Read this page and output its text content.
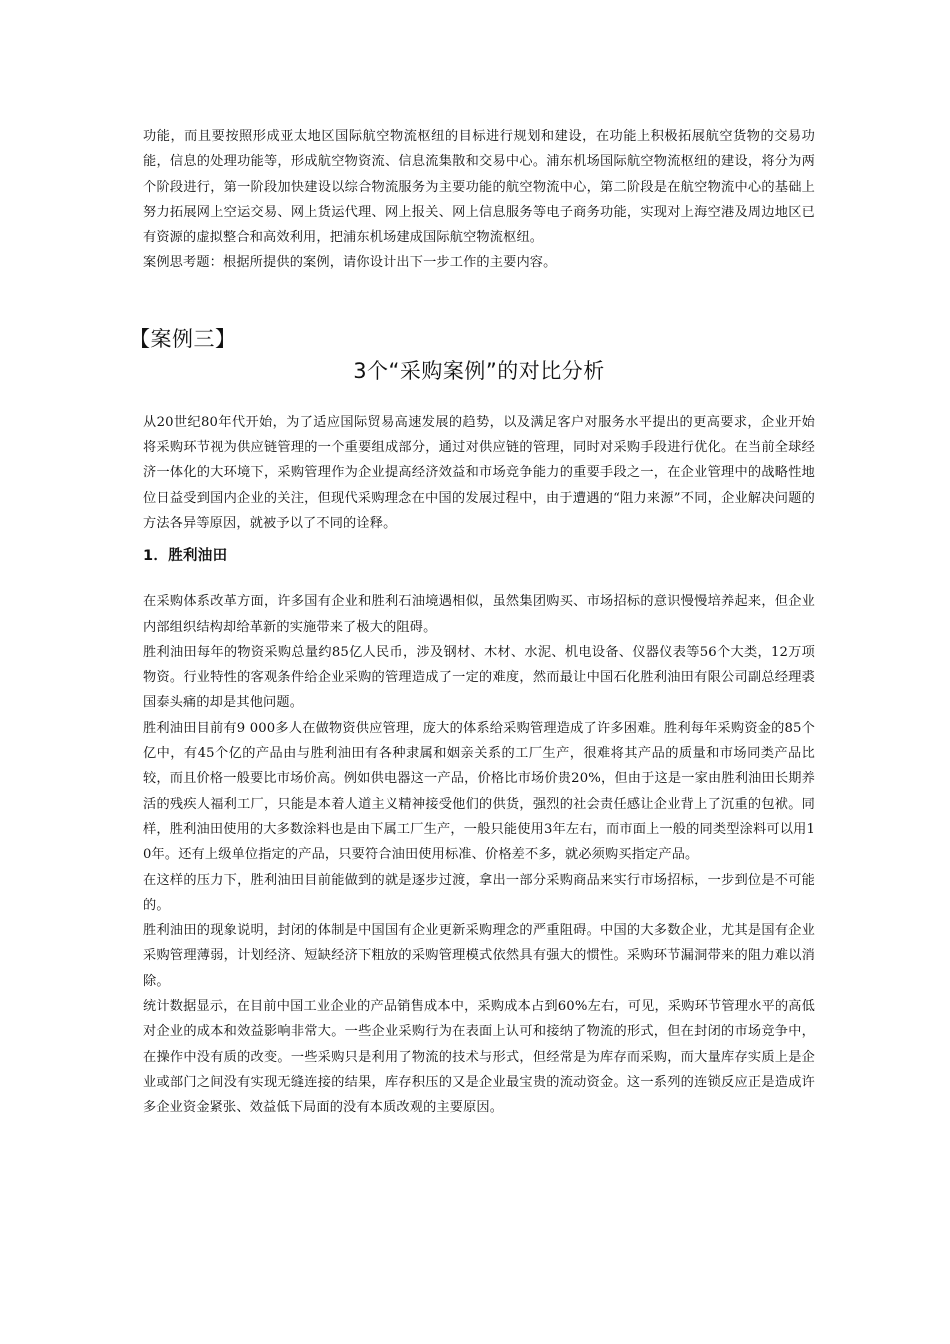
功能，而且要按照形成亚太地区国际航空物流枢纽的目标进行规划和建设，在功能上积极拓展航空货物的交易功能，信息的处理功能等，形成航空物资流、信息流集散和交易中心。浦东机场国际航空物流枢纽的建设，将分为两个阶段进行，第一阶段加快建设以综合物流服务为主要功能的航空物流中心，第二阶段是在航空物流中心的基础上努力拓展网上空运交易、网上货运代理、网上报关、网上信息服务等电子商务功能，实现对上海空港及周边地区已有资源的虚拟整合和高效利用，把浦东机场建成国际航空物流枢纽。

案例思考题：根据所提供的案例，请你设计出下一步工作的主要内容。

【案例三】

3个“采购案例”的对比分析

从20世纪80年代开始，为了适应国际贸易高速发展的趋势，以及满足客户对服务水平提出的更高要求，企业开始将采购环节视为供应链管理的一个重要组成部分，通过对供应链的管理，同时对采购手段进行优化。在当前全球经济一体化的大环境下，采购管理作为企业提高经济效益和市场竞争能力的重要手段之一，在企业管理中的战略性地位日益受到国内企业的关注，但现代采购理念在中国的发展过程中，由于遭遇的“阻力来源”不同，企业解决问题的方法各异等原因，就被予以了不同的诠释。

1．胜利油田

在采购体系改革方面，许多国有企业和胜利石油境遇相似，虽然集团购买、市场招标的意识慢慢培养起来，但企业内部组织结构却给革新的实施带来了极大的阻碍。

胜利油田每年的物资采购总量约85亿人民币，涉及钢材、木材、水泥、机电设备、仪器仪表等56个大类，12万项物资。行业特性的客观条件给企业采购的管理造成了一定的难度，然而最让中国石化胜利油田有限公司副总经理裘国泰头痛的却是其他问题。

胜利油田目前有9 000多人在做物资供应管理，庞大的体系给采购管理造成了许多困难。胜利每年采购资金的85个亿中，有45个亿的产品由与胜利油田有各种隶属和姻亲关系的工厂生产，很难将其产品的质量和市场同类产品比较，而且价格一般要比市场价高。例如供电器这一产品，价格比市场价贵20%，但由于这是一家由胜利油田长期养活的残疾人福利工厂，只能是本着人道主义精神接受他们的供货，强烈的社会责任感让企业背上了沉重的包袱。同样，胜利油田使用的大多数涂料也是由下属工厂生产，一般只能使用3年左右，而市面上一般的同类型涂料可以用10年。还有上级单位指定的产品，只要符合油田使用标准、价格差不多，就必须购买指定产品。

在这样的压力下，胜利油田目前能做到的就是逐步过渡，拿出一部分采购商品来实行市场招标，一步到位是不可能的。

胜利油田的现象说明，封闭的体制是中国国有企业更新采购理念的严重阻碍。中国的大多数企业，尤其是国有企业采购管理薄弱，计划经济、短缺经济下粗放的采购管理模式依然具有强大的惯性。采购环节漏洞带来的阻力难以消除。

统计数据显示，在目前中国工业企业的产品销售成本中，采购成本占到60%左右，可见，采购环节管理水平的高低对企业的成本和效益影响非常大。一些企业采购行为在表面上认可和接纳了物流的形式，但在封闭的市场竞争中，在操作中没有质的改变。一些采购只是利用了物流的技术与形式，但经常是为库存而采购，而大量库存实质上是企业或部门之间没有实现无缝连接的结果，库存积压的又是企业最宝贵的流动资金。这一系列的连锁反应正是造成许多企业资金紧张、效益低下局面的没有本质改观的主要原因。
